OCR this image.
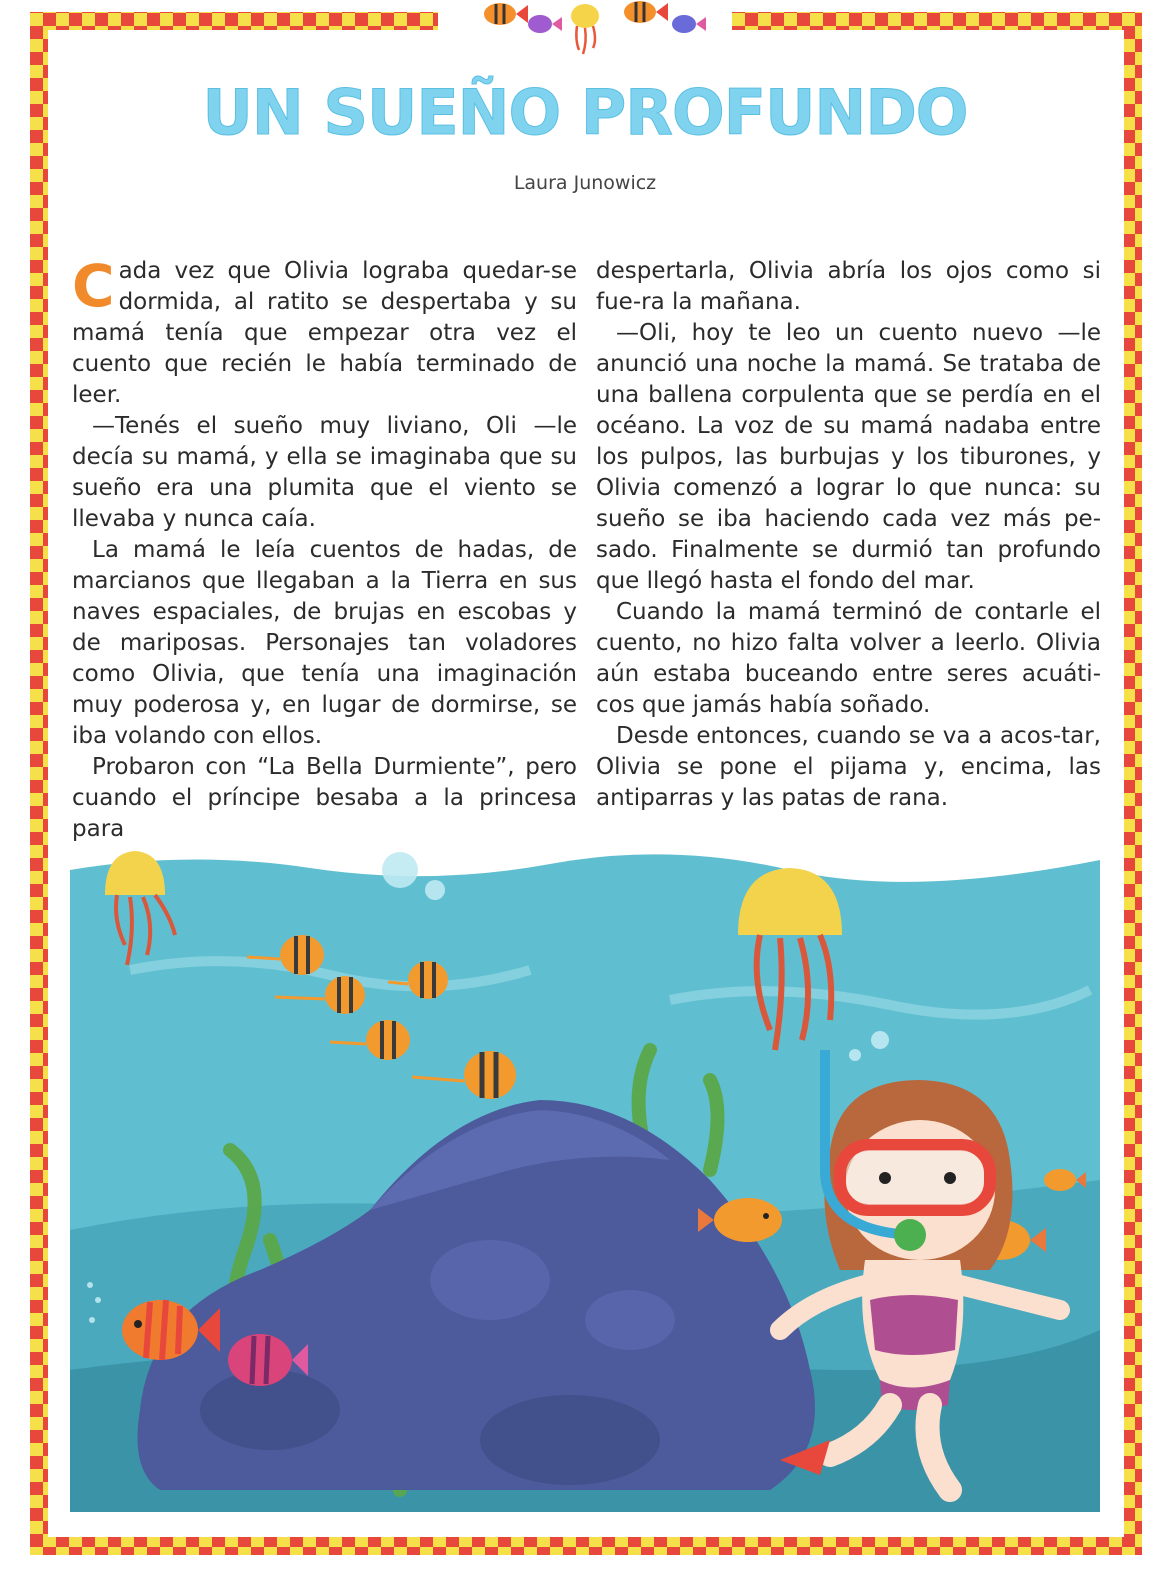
UN SUEÑO PROFUNDO
Laura Junowicz

Cada vez que Olivia lograba quedar-se dormida, al ratito se despertaba y su mamá tenía que empezar otra vez el cuento que recién le había terminado de leer.

—Tenés el sueño muy liviano, Oli —le decía su mamá, y ella se imaginaba que su sueño era una plumita que el viento se llevaba y nunca caía.

La mamá le leía cuentos de hadas, de marcianos que llegaban a la Tierra en sus naves espaciales, de brujas en escobas y de mariposas. Personajes tan voladores como Olivia, que tenía una imaginación muy poderosa y, en lugar de dormirse, se iba volando con ellos.

Probaron con “La Bella Durmiente”, pero cuando el príncipe besaba a la princesa para

despertarla, Olivia abría los ojos como si fue-ra la mañana.

—Oli, hoy te leo un cuento nuevo —le anunció una noche la mamá. Se trataba de una ballena corpulenta que se perdía en el océano. La voz de su mamá nadaba entre los pulpos, las burbujas y los tiburones, y Olivia comenzó a lograr lo que nunca: su sueño se iba haciendo cada vez más pe-sado. Finalmente se durmió tan profundo que llegó hasta el fondo del mar.

Cuando la mamá terminó de contarle el cuento, no hizo falta volver a leerlo. Olivia aún estaba buceando entre seres acuáti-cos que jamás había soñado.

Desde entonces, cuando se va a acos-tar, Olivia se pone el pijama y, encima, las antiparras y las patas de rana.
